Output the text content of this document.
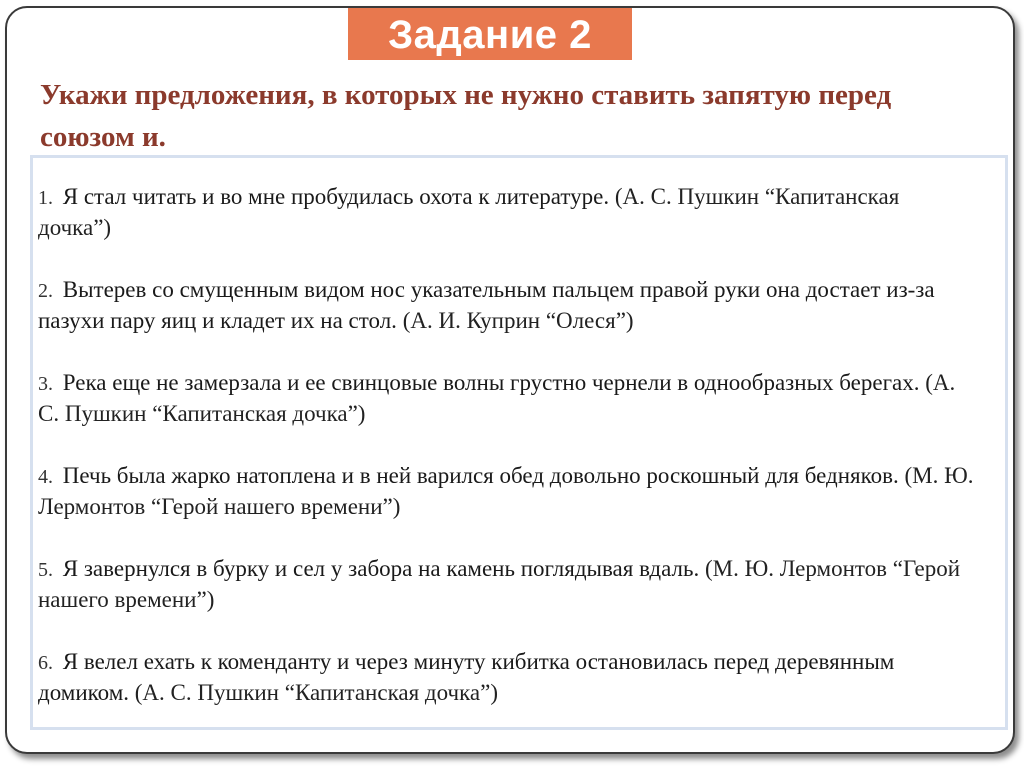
Задание 2
Укажи предложения, в которых не нужно ставить запятую перед союзом и.
1. Я стал читать и во мне пробудилась охота к литературе. (А. С. Пушкин “Капитанская дочка”)
2. Вытерев со смущенным видом нос указательным пальцем правой руки она достает из-за пазухи пару яиц и кладет их на стол. (А. И. Куприн “Олеся”)
3. Река еще не замерзала и ее свинцовые волны грустно чернели в однообразных берегах. (А. С. Пушкин “Капитанская дочка”)
4. Печь была жарко натоплена и в ней варился обед довольно роскошный для бедняков. (М. Ю. Лермонтов “Герой нашего времени”)
5. Я завернулся в бурку и сел у забора на камень поглядывая вдаль. (М. Ю. Лермонтов “Герой нашего времени”)
6. Я велел ехать к коменданту и через минуту кибитка остановилась перед деревянным домиком. (А. С. Пушкин “Капитанская дочка”)
